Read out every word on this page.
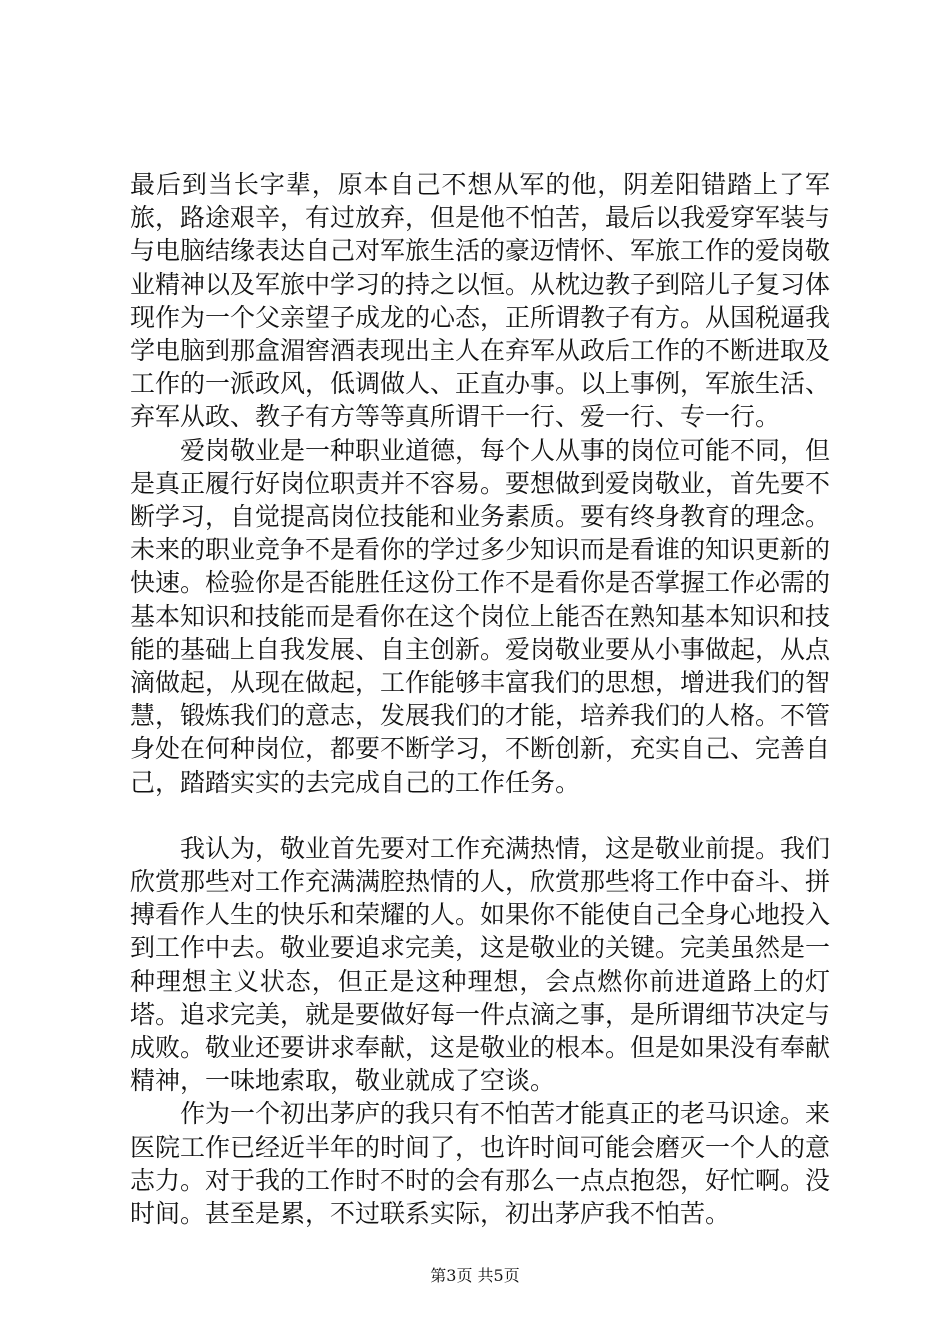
最后到当长字辈，原本自己不想从军的他，阴差阳错踏上了军旅，路途艰辛，有过放弃，但是他不怕苦，最后以我爱穿军装与与电脑结缘表达自己对军旅生活的豪迈情怀、军旅工作的爱岗敬业精神以及军旅中学习的持之以恒。从枕边教子到陪儿子复习体现作为一个父亲望子成龙的心态，正所谓教子有方。从国税逼我学电脑到那盒湄窖酒表现出主人在弃军从政后工作的不断进取及工作的一派政风，低调做人、正直办事。以上事例，军旅生活、弃军从政、教子有方等等真所谓干一行、爱一行、专一行。

爱岗敬业是一种职业道德，每个人从事的岗位可能不同，但是真正履行好岗位职责并不容易。要想做到爱岗敬业，首先要不断学习，自觉提高岗位技能和业务素质。要有终身教育的理念。未来的职业竞争不是看你的学过多少知识而是看谁的知识更新的快速。检验你是否能胜任这份工作不是看你是否掌握工作必需的基本知识和技能而是看你在这个岗位上能否在熟知基本知识和技能的基础上自我发展、自主创新。爱岗敬业要从小事做起，从点滴做起，从现在做起，工作能够丰富我们的思想，增进我们的智慧，锻炼我们的意志，发展我们的才能，培养我们的人格。不管身处在何种岗位，都要不断学习，不断创新，充实自己、完善自己，踏踏实实的去完成自己的工作任务。

我认为，敬业首先要对工作充满热情，这是敬业前提。我们欣赏那些对工作充满满腔热情的人，欣赏那些将工作中奋斗、拼搏看作人生的快乐和荣耀的人。如果你不能使自己全身心地投入到工作中去。敬业要追求完美，这是敬业的关键。完美虽然是一种理想主义状态，但正是这种理想，会点燃你前进道路上的灯塔。追求完美，就是要做好每一件点滴之事，是所谓细节决定与成败。敬业还要讲求奉献，这是敬业的根本。但是如果没有奉献精神，一味地索取，敬业就成了空谈。

作为一个初出茅庐的我只有不怕苦才能真正的老马识途。来医院工作已经近半年的时间了，也许时间可能会磨灭一个人的意志力。对于我的工作时不时的会有那么一点点抱怨，好忙啊。没时间。甚至是累，不过联系实际，初出茅庐我不怕苦。

第3页 共5页
